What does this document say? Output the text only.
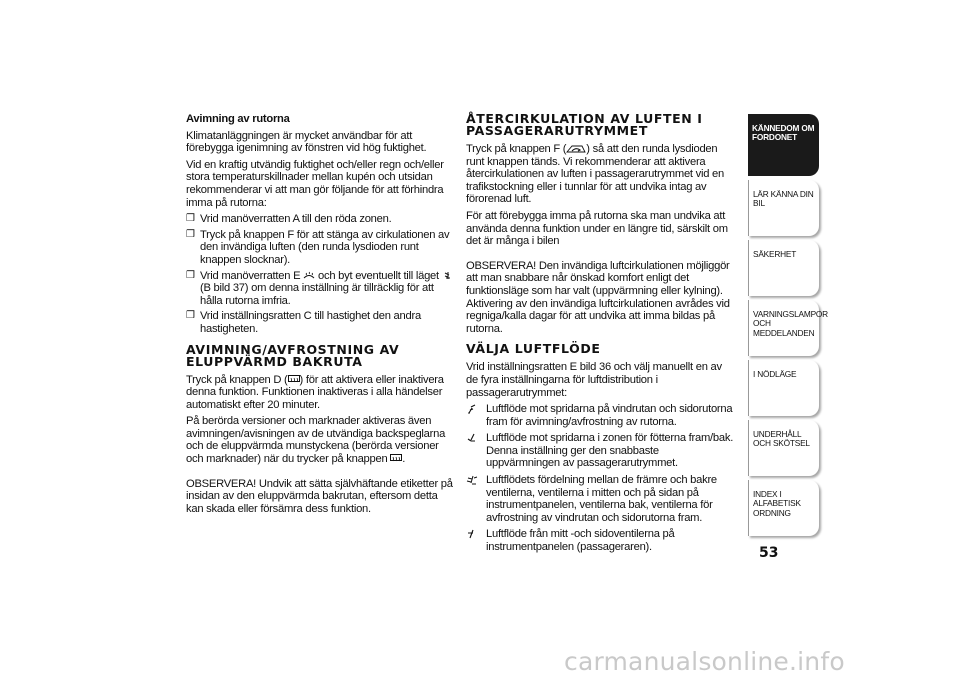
Avimning av rutorna

Klimatanläggningen är mycket användbar för att förebygga igenimning av fönstren vid hög fuktighet.

Vid en kraftig utvändig fuktighet och/eller regn och/eller stora temperaturskillnader mellan kupén och utsidan rekommenderar vi att man gör följande för att förhindra imma på rutorna:

❒ Vrid manöverratten A till den röda zonen.
❒ Tryck på knappen F för att stänga av cirkulationen av den invändiga luften (den runda lysdioden runt knappen slocknar).
❒ Vrid manöverratten E och byt eventuellt till läget
(B bild 37) om denna inställning är tillräcklig för att hålla rutorna imfria.
❒ Vrid inställningsratten C till hastighet den andra hastigheten.
AVIMNING/AVFROSTNING AV ELUPPVÄRMD BAKRUTA

Tryck på knappen D ( ) för att aktivera eller inaktivera denna funktion. Funktionen inaktiveras i alla händelser automatiskt efter 20 minuter.

På berörda versioner och marknader aktiveras även avimningen/avisningen av de utvändiga backspeglarna och de eluppvärmda munstyckena (berörda versioner och marknader) när du trycker på knappen .

OBSERVERA! Undvik att sätta självhäftande etiketter på insidan av den eluppvärmda bakrutan, eftersom detta kan skada eller försämra dess funktion.

ÅTERCIRKULATION AV LUFTEN I PASSAGERARUTRYMMET

Tryck på knappen F ( ) så att den runda lysdioden runt knappen tänds. Vi rekommenderar att aktivera återcirkulationen av luften i passagerarutrymmet vid en trafikstockning eller i tunnlar för att undvika intag av förorenad luft.

För att förebygga imma på rutorna ska man undvika att använda denna funktion under en längre tid, särskilt om det är många i bilen

OBSERVERA! Den invändiga luftcirkulationen möjliggör att man snabbare når önskad komfort enligt det funktionsläge som har valt (uppvärmning eller kylning). Aktivering av den invändiga luftcirkulationen avrådes vid regniga/kalla dagar för att undvika att imma bildas på rutorna.

VÄLJA LUFTFLÖDE

Vrid inställningsratten E bild 36 och välj manuellt en av de fyra inställningarna för luftdistribution i passagerarutrymmet:

Luftflöde mot spridarna på vindrutan och sidorutorna fram för avimning/avfrostning av rutorna.
Luftflöde mot spridarna i zonen för fötterna fram/bak. Denna inställning ger den snabbaste uppvärmningen av passagerarutrymmet.
Luftflödets fördelning mellan de främre och bakre ventilerna, ventilerna i mitten och på sidan på instrumentpanelen, ventilerna bak, ventilerna för avfrostning av vindrutan och sidorutorna fram.
Luftflöde från mitt -och sidoventilerna på instrumentpanelen (passageraren).
KÄNNEDOM OM FORDONET
LÄR KÄNNA DIN BIL
SÄKERHET
VARNINGSLAMPOR OCH MEDDELANDEN
I NÖDLÄGE
UNDERHÅLL OCH SKÖTSEL
INDEX I ALFABETISK ORDNING
53
carmanualsonline.info
